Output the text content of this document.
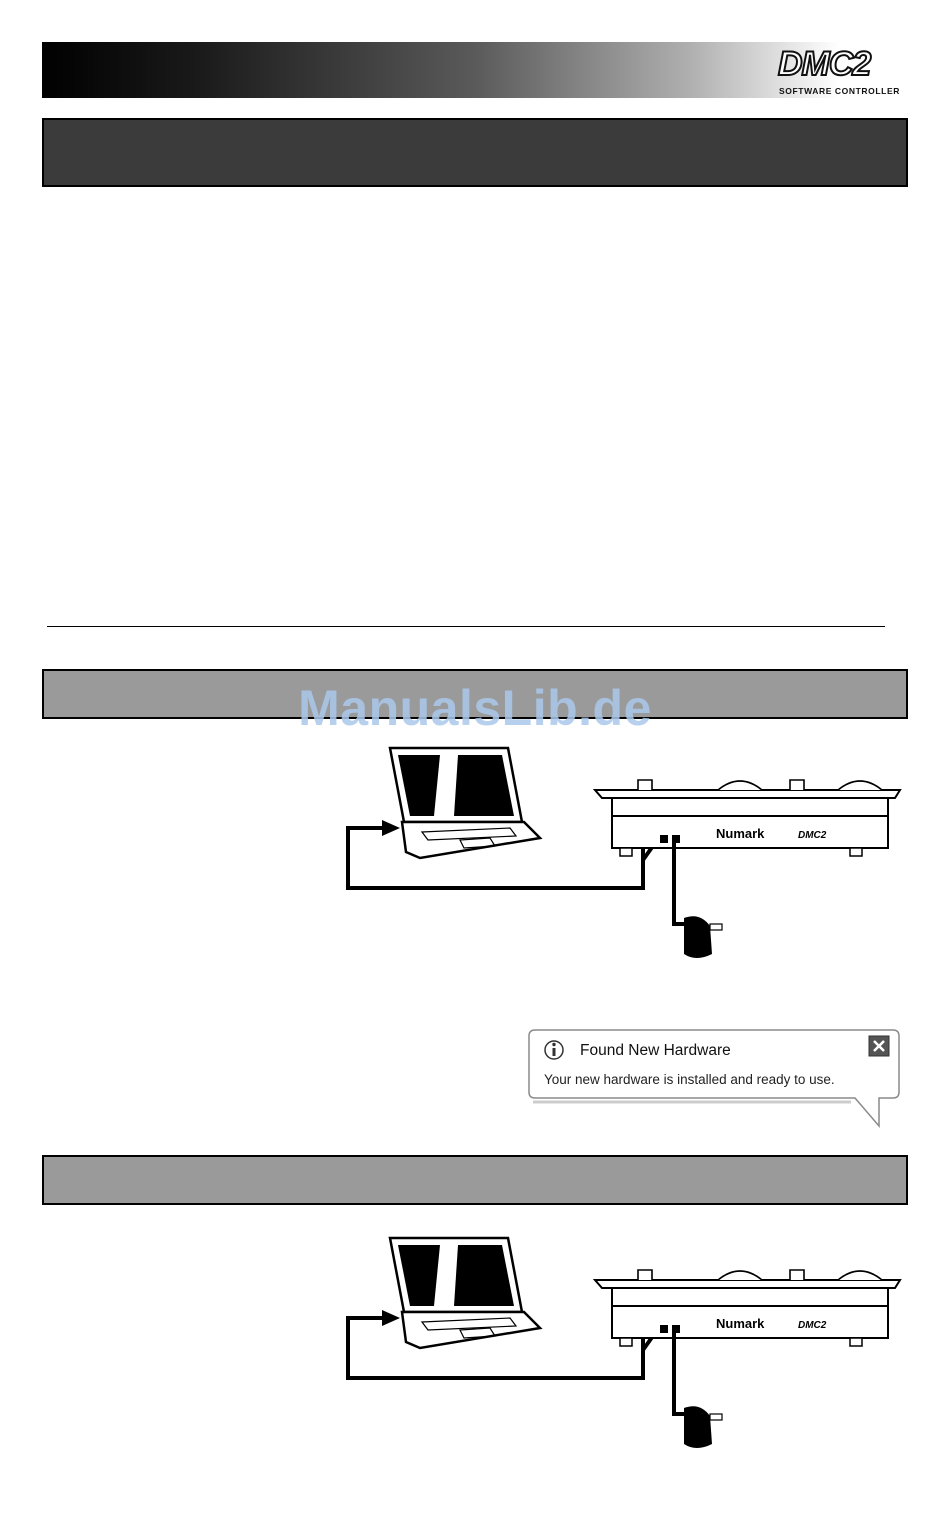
DMC2
SOFTWARE CONTROLLER
ManualsLib.de
Numark	DMC2
Found New Hardware
Your new hardware is installed and ready to use.
Numark	DMC2
